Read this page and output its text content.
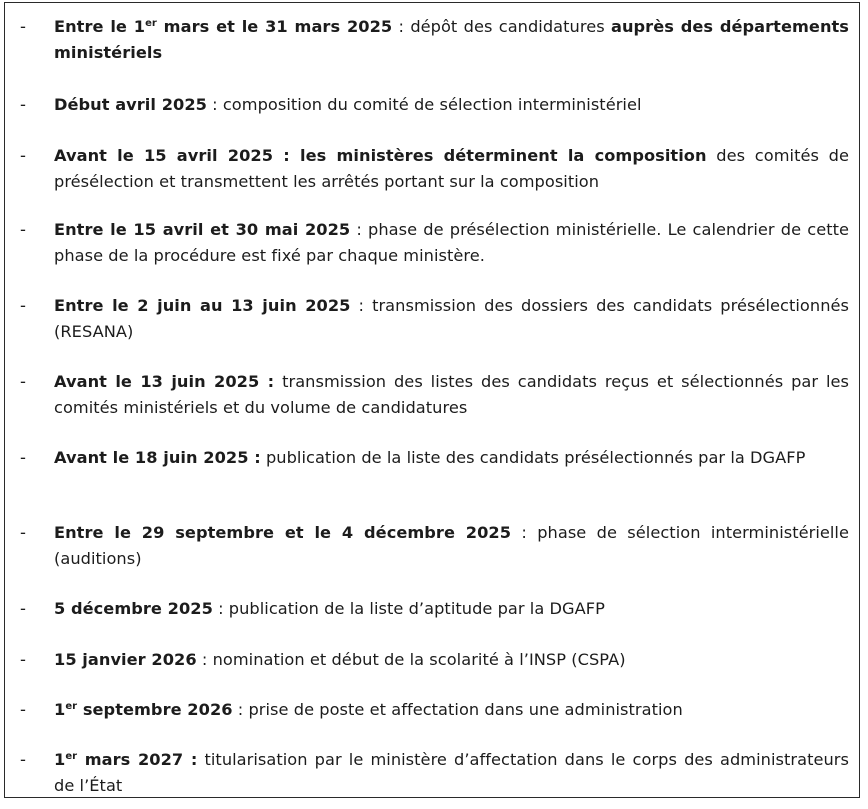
- Entre le 1er mars et le 31 mars 2025 : dépôt des candidatures auprès des départements ministériels
- Début avril 2025 : composition du comité de sélection interministériel
- Avant le 15 avril 2025 : les ministères déterminent la composition des comités de présélection et transmettent les arrêtés portant sur la composition
- Entre le 15 avril et 30 mai 2025 : phase de présélection ministérielle. Le calendrier de cette phase de la procédure est fixé par chaque ministère.
- Entre le 2 juin au 13 juin 2025 : transmission des dossiers des candidats présélectionnés (RESANA)
- Avant le 13 juin 2025 : transmission des listes des candidats reçus et sélectionnés par les comités ministériels et du volume de candidatures
- Avant le 18 juin 2025 : publication de la liste des candidats présélectionnés par la DGAFP
- Entre le 29 septembre et le 4 décembre 2025 : phase de sélection interministérielle (auditions)
- 5 décembre 2025 : publication de la liste d’aptitude par la DGAFP
- 15 janvier 2026 : nomination et début de la scolarité à l’INSP (CSPA)
- 1er septembre 2026 : prise de poste et affectation dans une administration
- 1er mars 2027 : titularisation par le ministère d’affectation dans le corps des administrateurs de l’État
